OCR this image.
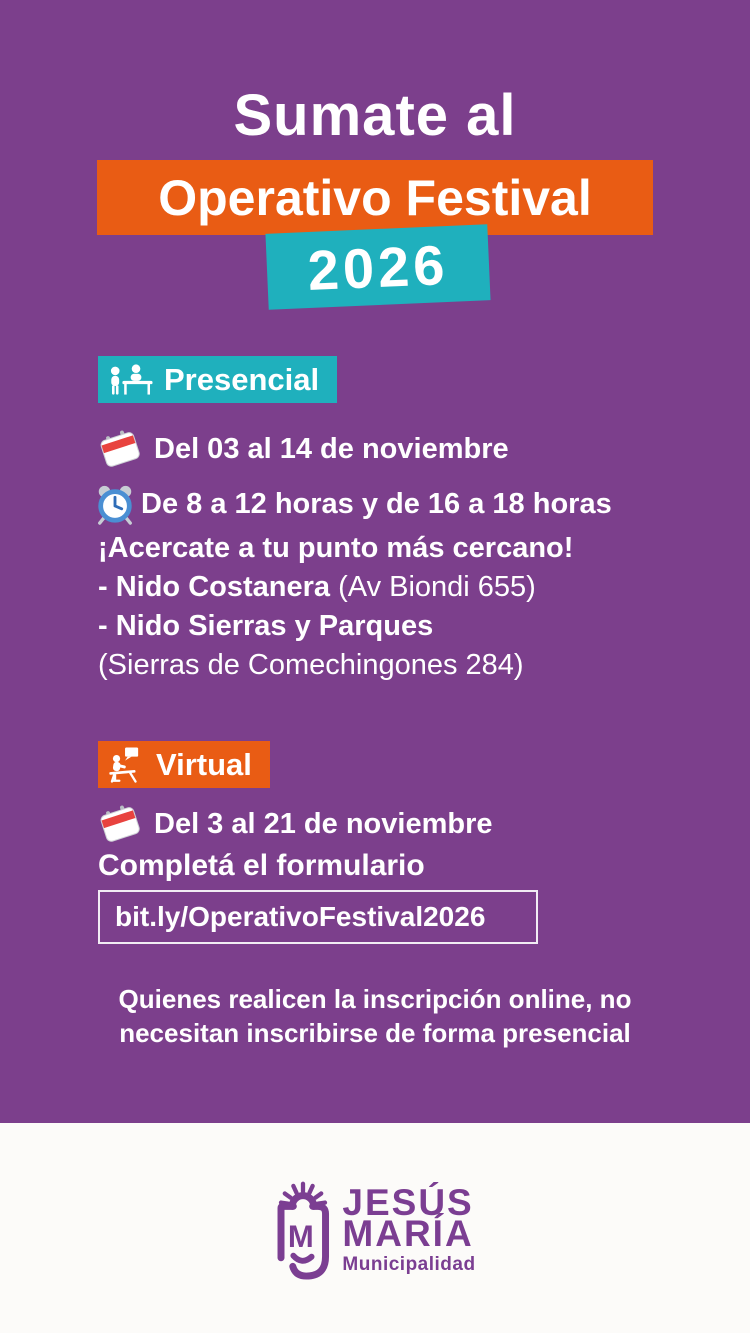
Sumate al
Operativo Festival
2026
Presencial
Del 03 al 14 de noviembre
De 8 a 12 horas y de 16 a 18 horas
¡Acercate a tu punto más cercano!
- Nido Costanera (Av Biondi 655)
- Nido Sierras y Parques
(Sierras de Comechingones 284)
Virtual
Del 3 al 21 de noviembre
Completá el formulario
bit.ly/OperativoFestival2026
Quienes realicen la inscripción online, no
necesitan inscribirse de forma presencial
M
JESÚS
MARÍA
Municipalidad
